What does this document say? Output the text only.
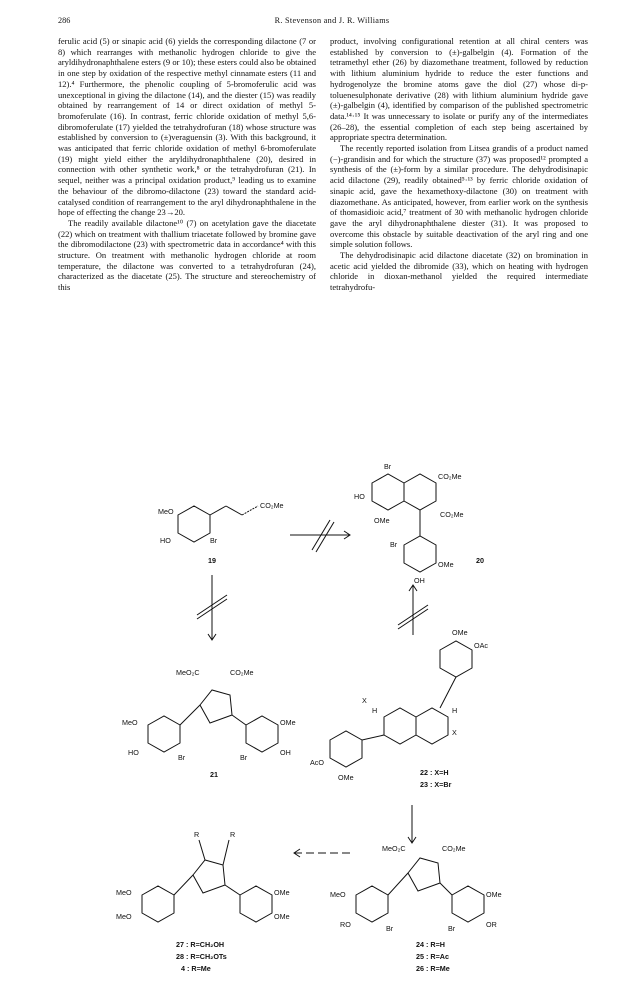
286	R. Stevenson and J. R. Williams

ferulic acid (5) or sinapic acid (6) yields the corresponding dilactone (7 or 8) which rearranges with methanolic hydrogen chloride to give the aryldihydronaphthalene esters (9 or 10); these esters could also be obtained in one step by oxidation of the respective methyl cinnamate esters (11 and 12).⁴ Furthermore, the phenolic coupling of 5-bromoferulic acid was unexceptional in giving the dilactone (14), and the diester (15) was readily obtained by rearrangement of 14 or direct oxidation of methyl 5-bromoferulate (16). In contrast, ferric chloride oxidation of methyl 5,6-dibromoferulate (17) yielded the tetrahydrofuran (18) whose structure was established by conversion to (±)veraguensin (3). With this background, it was anticipated that ferric chloride oxidation of methyl 6-bromoferulate (19) might yield either the aryldihydronaphthalene (20), desired in connection with other synthetic work,⁸ or the tetrahydrofuran (21). In sequel, neither was a principal oxidation product,⁹ leading us to examine the behaviour of the dibromo-dilactone (23) toward the standard acid-catalysed condition of rearrangement to the aryl dihydronaphthalene in the hope of effecting the change 23→20.

The readily available dilactone¹⁰ (7) on acetylation gave the diacetate (22) which on treatment with thallium triacetate followed by bromine gave the dibromodilactone (23) with spectrometric data in accordance⁴ with this structure. On treatment with methanolic hydrogen chloride at room temperature, the dilactone was converted to a tetrahydrofuran (24), characterized as the diacetate (25). The structure and stereochemistry of this

product, involving configurational retention at all chiral centers was established by conversion to (±)-galbelgin (4). Formation of the tetramethyl ether (26) by diazomethane treatment, followed by reduction with lithium aluminium hydride to reduce the ester functions and hydrogenolyze the bromine atoms gave the diol (27) whose di-p-toluenesulphonate derivative (28) with lithium aluminium hydride gave (±)-galbelgin (4), identified by comparison of the published spectrometric data.¹⁴·¹⁵ It was unnecessary to isolate or purify any of the intermediates (26–28), the essential completion of each step being ascertained by appropriate spectra determination.

The recently reported isolation from Litsea grandis of a product named (−)-grandisin and for which the structure (37) was proposed¹² prompted a synthesis of the (±)-form by a similar procedure. The dehydrodisinapic acid dilactone (29), readily obtained⁵·¹³ by ferric chloride oxidation of sinapic acid, gave the hexamethoxy-dilactone (30) on treatment with diazomethane. As anticipated, however, from earlier work on the synthesis of thomasidioic acid,⁷ treatment of 30 with methanolic hydrogen chloride gave the aryl dihydronaphthalene diester (31). It was proposed to overcome this obstacle by suitable deactivation of the aryl ring and one simple solution follows.

The dehydrodisinapic acid dilactone diacetate (32) on bromination in acetic acid yielded the dibromide (33), which on heating with hydrogen chloride in dioxan-methanol yielded the required intermediate tetrahydrofu-

MeO
HO	Br
CO₂Me
19
Br
CO₂Me
CO₂Me
HO
OMe
Br
OMe
OH
20
MeO₂C	CO₂Me
MeO
HO
Br	Br
OMe
OH
21
OMe
OAc
X
H	H
X
AcO
OMe
22 : X=H
23 : X=Br
R	R
MeO
MeO
OMe
OMe
27 : R=CH₂OH
28 : R=CH₂OTs
4 : R=Me
MeO₂C	CO₂Me
MeO	OMe
RO	Br	Br	OR
24 : R=H
25 : R=Ac
26 : R=Me
